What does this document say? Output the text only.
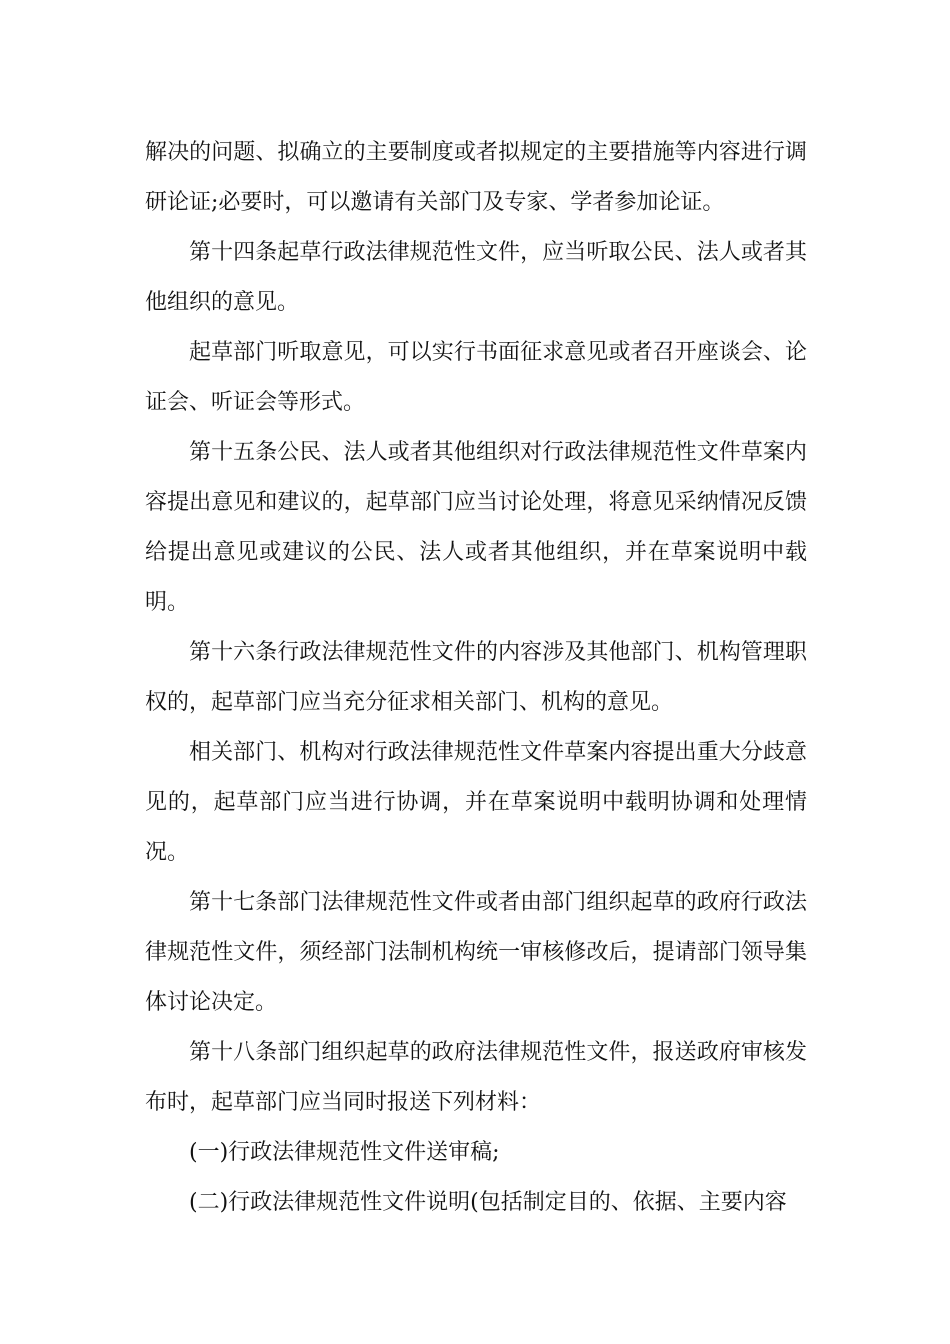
解决的问题、拟确立的主要制度或者拟规定的主要措施等内容进行调研论证;必要时，可以邀请有关部门及专家、学者参加论证。

第十四条起草行政法律规范性文件，应当听取公民、法人或者其他组织的意见。

起草部门听取意见，可以实行书面征求意见或者召开座谈会、论证会、听证会等形式。

第十五条公民、法人或者其他组织对行政法律规范性文件草案内容提出意见和建议的，起草部门应当讨论处理，将意见采纳情况反馈给提出意见或建议的公民、法人或者其他组织，并在草案说明中载明。

第十六条行政法律规范性文件的内容涉及其他部门、机构管理职权的，起草部门应当充分征求相关部门、机构的意见。

相关部门、机构对行政法律规范性文件草案内容提出重大分歧意见的，起草部门应当进行协调，并在草案说明中载明协调和处理情况。

第十七条部门法律规范性文件或者由部门组织起草的政府行政法律规范性文件，须经部门法制机构统一审核修改后，提请部门领导集体讨论决定。

第十八条部门组织起草的政府法律规范性文件，报送政府审核发布时，起草部门应当同时报送下列材料：

(一)行政法律规范性文件送审稿;

(二)行政法律规范性文件说明(包括制定目的、依据、主要内容
